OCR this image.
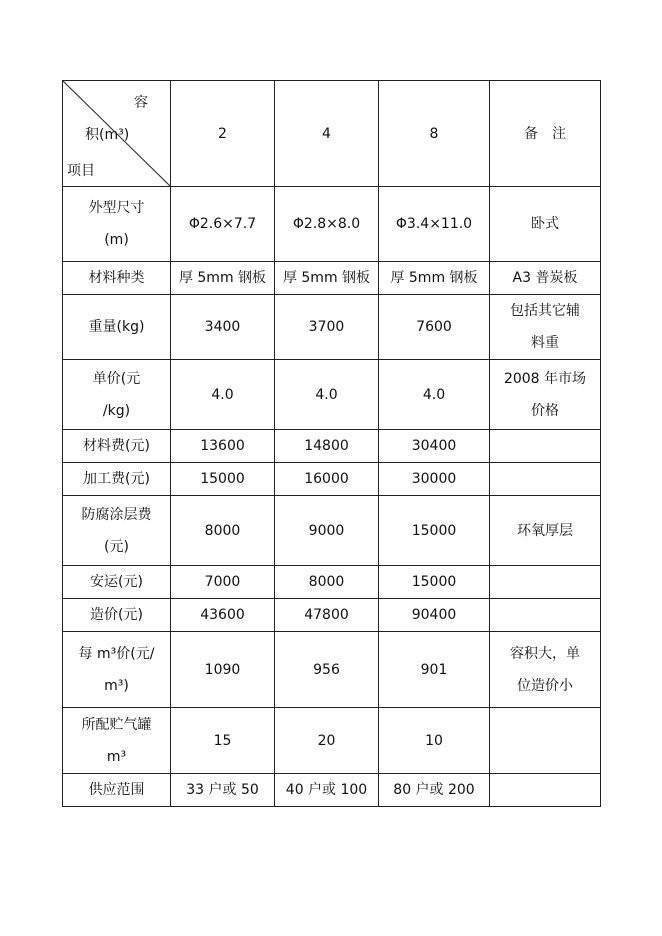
容
积(m³)
项目	2	4	8	备　注

外型尺寸
(m)	Φ2.6×7.7	Φ2.8×8.0	Φ3.4×11.0	卧式

材料种类	厚 5mm 钢板	厚 5mm 钢板	厚 5mm 钢板	A3 普炭板

重量(kg)	3400	3700	7600	包括其它辅
料重

单价(元
/kg)	4.0	4.0	4.0	2008 年市场
价格

材料费(元)	13600	14800	30400	

加工费(元)	15000	16000	30000	

防腐涂层费
(元)	8000	9000	15000	环氧厚层

安运(元)	7000	8000	15000	

造价(元)	43600	47800	90400	

每 m³价(元/
m³)	1090	956	901	容积大，单
位造价小

所配贮气罐
m³	15	20	10	

供应范围	33 户或 50	40 户或 100	80 户或 200	
